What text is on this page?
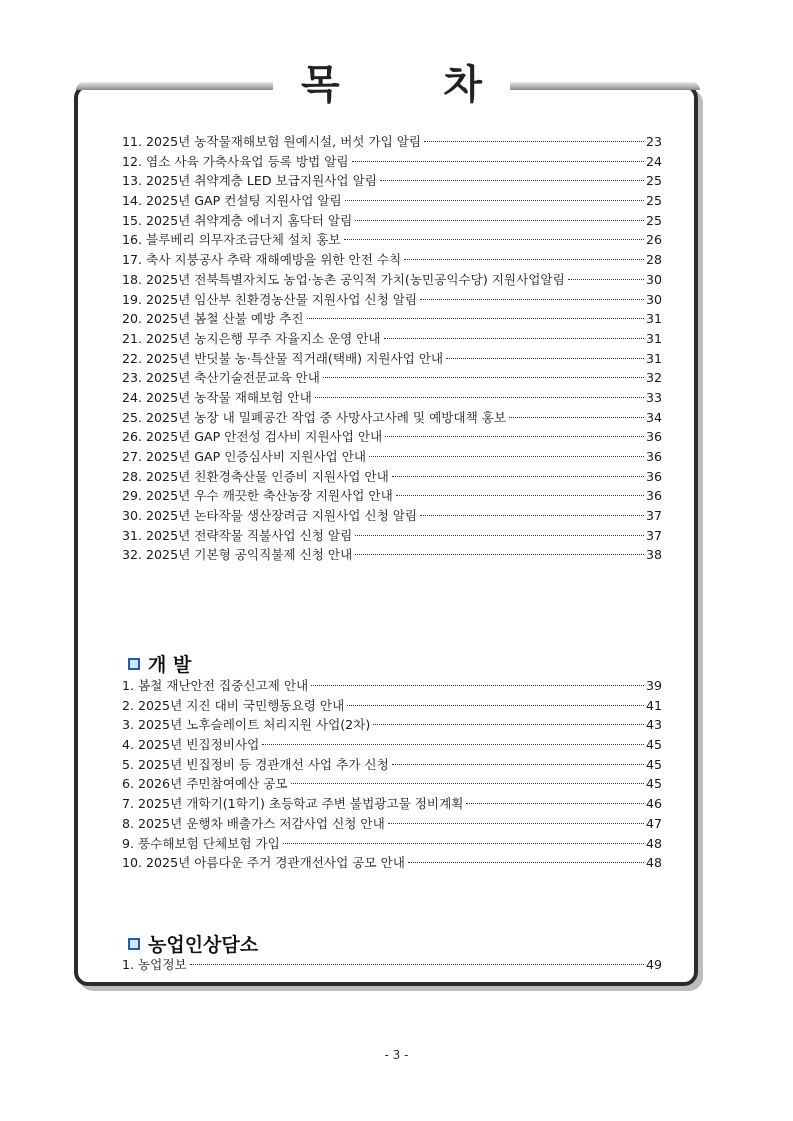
목	차
11. 2025년 농작물재해보험 원예시설, 버섯 가입 알림	23
12. 염소 사육 가축사육업 등록 방법 알림	24
13. 2025년 취약계층 LED 보급지원사업 알림	25
14. 2025년 GAP 컨설팅 지원사업 알림	25
15. 2025년 취약계층 에너지 홈닥터 알림	25
16. 블루베리 의무자조금단체 설치 홍보	26
17. 축사 지붕공사 추락 재해예방을 위한 안전 수칙	28
18. 2025년 전북특별자치도 농업·농촌 공익적 가치(농민공익수당) 지원사업알림	30
19. 2025년 임산부 친환경농산물 지원사업 신청 알림	30
20. 2025년 봄철 산불 예방 추진	31
21. 2025년 농지은행 무주 자율지소 운영 안내	31
22. 2025년 반딧불 농·특산물 직거래(택배) 지원사업 안내	31
23. 2025년 축산기술전문교육 안내	32
24. 2025년 농작물 재해보험 안내	33
25. 2025년 농장 내 밀폐공간 작업 중 사망사고사례 및 예방대책 홍보	34
26. 2025년 GAP 안전성 검사비 지원사업 안내	36
27. 2025년 GAP 인증심사비 지원사업 안내	36
28. 2025년 친환경축산물 인증비 지원사업 안내	36
29. 2025년 우수 깨끗한 축산농장 지원사업 안내	36
30. 2025년 논타작물 생산장려금 지원사업 신청 알림	37
31. 2025년 전략작물 직불사업 신청 알림	37
32. 2025년 기본형 공익직불제 신청 안내	38
개 발
1. 봄철 재난안전 집중신고제 안내	39
2. 2025년 지진 대비 국민행동요령 안내	41
3. 2025년 노후슬레이트 처리지원 사업(2차)	43
4. 2025년 빈집정비사업	45
5. 2025년 빈집정비 등 경관개선 사업 추가 신청	45
6. 2026년 주민참여예산 공모	45
7. 2025년 개학기(1학기) 초등학교 주변 불법광고물 정비계획	46
8. 2025년 운행차 배출가스 저감사업 신청 안내	47
9. 풍수해보험 단체보험 가입	48
10. 2025년 아름다운 주거 경관개선사업 공모 안내	48
농업인상담소
1. 농업정보	49
- 3 -
